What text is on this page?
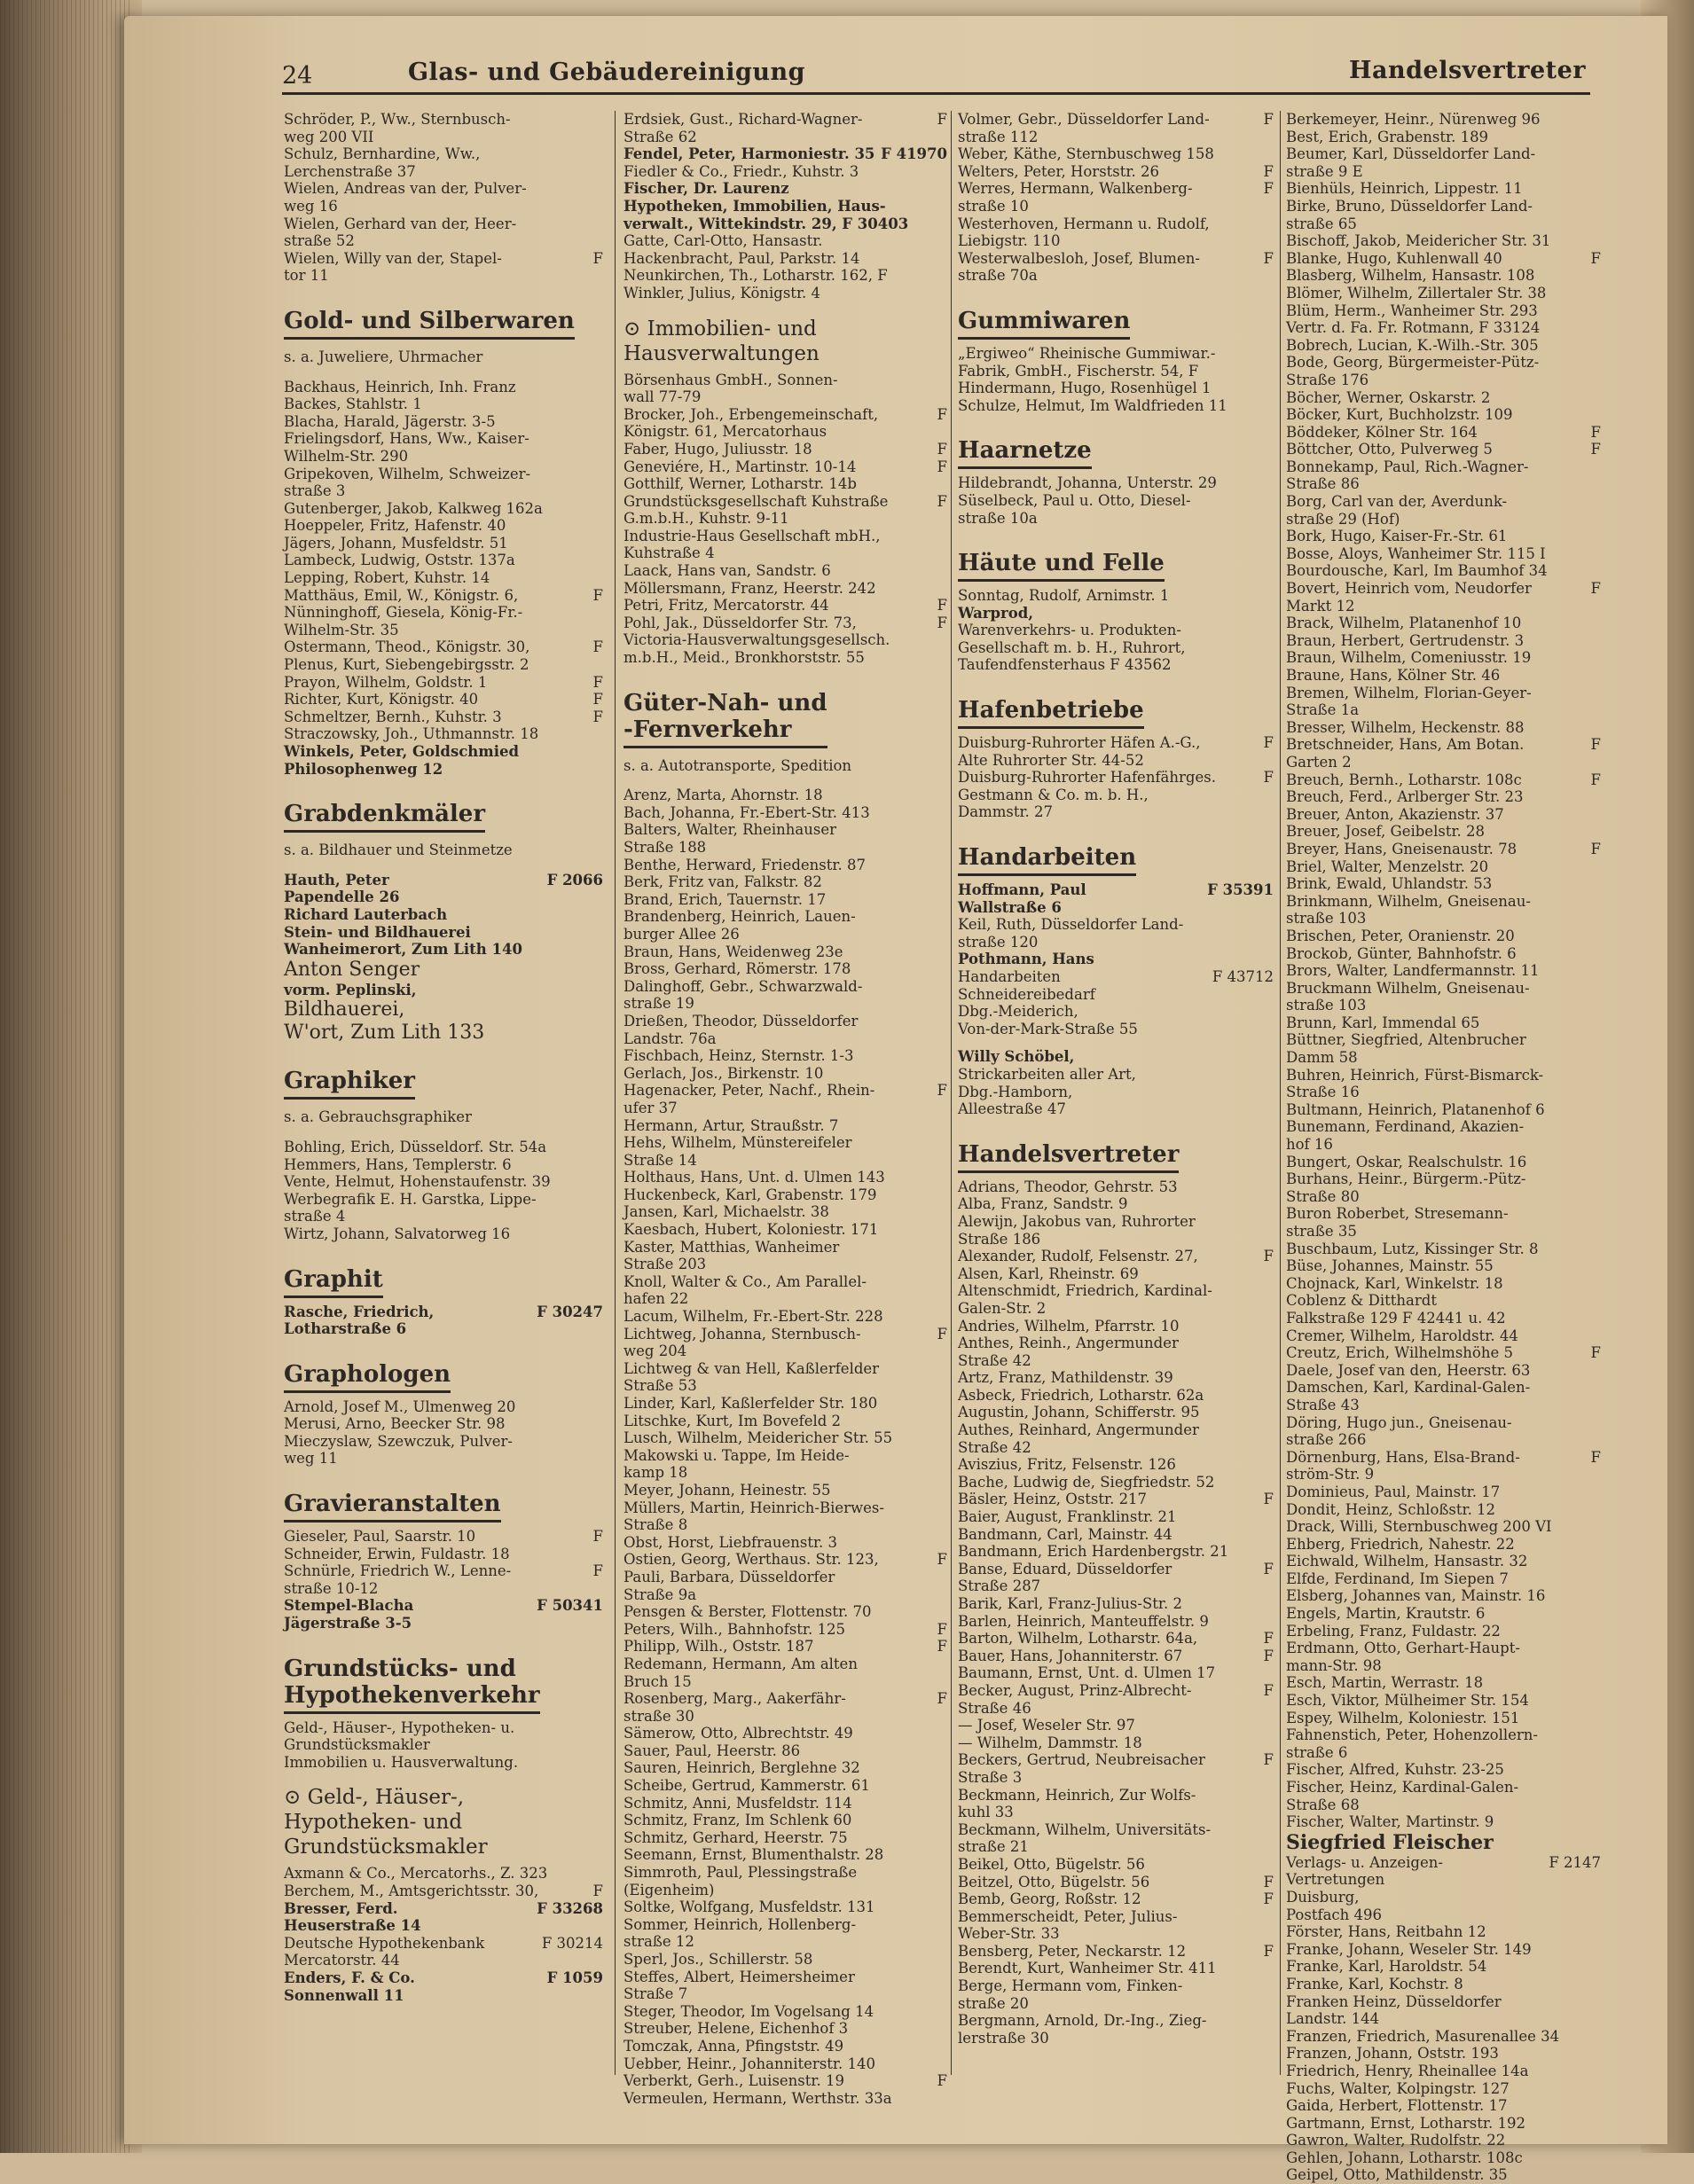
24	Glas- und Gebäudereinigung	Handelsvertreter
Schröder, P., Ww., Sternbusch-
weg 200 VII
Schulz, Bernhardine, Ww.,
Lerchenstraße 37
Wielen, Andreas van der, Pulver-
weg 16
Wielen, Gerhard van der, Heer-
straße 52
F
Wielen, Willy van der, Stapel-
tor 11
Gold- und Silberwaren
s. a. Juweliere, Uhrmacher
Backhaus, Heinrich, Inh. Franz
Backes, Stahlstr. 1
Blacha, Harald, Jägerstr. 3-5
Frielingsdorf, Hans, Ww., Kaiser-
Wilhelm-Str. 290
Gripekoven, Wilhelm, Schweizer-
straße 3
Gutenberger, Jakob, Kalkweg 162a
Hoeppeler, Fritz, Hafenstr. 40
Jägers, Johann, Musfeldstr. 51
Lambeck, Ludwig, Oststr. 137a
Lepping, Robert, Kuhstr. 14
F
Matthäus, Emil, W., Königstr. 6,
Nünninghoff, Giesela, König-Fr.-
Wilhelm-Str. 35
F
Ostermann, Theod., Königstr. 30,
Plenus, Kurt, Siebengebirgsstr. 2
F
Prayon, Wilhelm, Goldstr. 1
F
Richter, Kurt, Königstr. 40
F
Schmeltzer, Bernh., Kuhstr. 3
Straczowsky, Joh., Uthmannstr. 18
Winkels, Peter, Goldschmied
Philosophenweg 12
Grabdenkmäler
s. a. Bildhauer und Steinmetze
F 2066
Hauth, Peter
Papendelle 26
Richard Lauterbach
Stein- und Bildhauerei
Wanheimerort, Zum Lith 140
Anton Senger
vorm. Peplinski,
Bildhauerei,
W'ort, Zum Lith 133
Graphiker
s. a. Gebrauchsgraphiker
Bohling, Erich, Düsseldorf. Str. 54a
Hemmers, Hans, Templerstr. 6
Vente, Helmut, Hohenstaufenstr. 39
Werbegrafik E. H. Garstka, Lippe-
straße 4
Wirtz, Johann, Salvatorweg 16
Graphit
F 30247
Rasche, Friedrich,
Lotharstraße 6
Graphologen
Arnold, Josef M., Ulmenweg 20
Merusi, Arno, Beecker Str. 98
Mieczyslaw, Szewczuk, Pulver-
weg 11
Gravieranstalten
F
Gieseler, Paul, Saarstr. 10
Schneider, Erwin, Fuldastr. 18
F
Schnürle, Friedrich W., Lenne-
straße 10-12
F 50341
Stempel-Blacha
Jägerstraße 3-5
Grundstücks- und
Hypothekenverkehr
Geld-, Häuser-, Hypotheken- u.
Grundstücksmakler
Immobilien u. Hausverwaltung.
⊙ Geld-, Häuser-,
Hypotheken- und
Grundstücksmakler
Axmann & Co., Mercatorhs., Z. 323
F
Berchem, M., Amtsgerichtsstr. 30,
F 33268
Bresser, Ferd.
Heuserstraße 14
F 30214
Deutsche Hypothekenbank
Mercatorstr. 44
F 1059
Enders, F. & Co.
Sonnenwall 11
F
Erdsiek, Gust., Richard-Wagner-
Straße 62
F 41970
Fendel, Peter, Harmoniestr. 35

Fiedler & Co., Friedr., Kuhstr. 3
Fischer, Dr. Laurenz
Hypotheken, Immobilien, Haus-
verwalt., Wittekindstr. 29, F 30403
Gatte, Carl-Otto, Hansastr.
Hackenbracht, Paul, Parkstr. 14
Neunkirchen, Th., Lotharstr. 162, F
Winkler, Julius, Königstr. 4
⊙ Immobilien- und
Hausverwaltungen
Börsenhaus GmbH., Sonnen-
wall 77-79
F
Brocker, Joh., Erbengemeinschaft,
Königstr. 61, Mercatorhaus
F
Faber, Hugo, Juliusstr. 18
F
Geneviére, H., Martinstr. 10-14
Gotthilf, Werner, Lotharstr. 14b
F
Grundstücksgesellschaft Kuhstraße
G.m.b.H., Kuhstr. 9-11
Industrie-Haus Gesellschaft mbH.,
Kuhstraße 4
Laack, Hans van, Sandstr. 6
Möllersmann, Franz, Heerstr. 242
F
Petri, Fritz, Mercatorstr. 44
F
Pohl, Jak., Düsseldorfer Str. 73,
Victoria-Hausverwaltungsgesellsch.
m.b.H., Meid., Bronkhorststr. 55
Güter-Nah- und
-Fernverkehr
s. a. Autotransporte, Spedition
Arenz, Marta, Ahornstr. 18
Bach, Johanna, Fr.-Ebert-Str. 413
Balters, Walter, Rheinhauser
Straße 188
Benthe, Herward, Friedenstr. 87
Berk, Fritz van, Falkstr. 82
Brand, Erich, Tauernstr. 17
Brandenberg, Heinrich, Lauen-
burger Allee 26
Braun, Hans, Weidenweg 23e
Bross, Gerhard, Römerstr. 178
Dalinghoff, Gebr., Schwarzwald-
straße 19
Drießen, Theodor, Düsseldorfer
Landstr. 76a
Fischbach, Heinz, Sternstr. 1-3
Gerlach, Jos., Birkenstr. 10
F
Hagenacker, Peter, Nachf., Rhein-
ufer 37
Hermann, Artur, Straußstr. 7
Hehs, Wilhelm, Münstereifeler
Straße 14
Holthaus, Hans, Unt. d. Ulmen 143
Huckenbeck, Karl, Grabenstr. 179
Jansen, Karl, Michaelstr. 38
Kaesbach, Hubert, Koloniestr. 171
Kaster, Matthias, Wanheimer
Straße 203
Knoll, Walter & Co., Am Parallel-
hafen 22
Lacum, Wilhelm, Fr.-Ebert-Str. 228
F
Lichtweg, Johanna, Sternbusch-
weg 204
Lichtweg & van Hell, Kaßlerfelder
Straße 53
Linder, Karl, Kaßlerfelder Str. 180
Litschke, Kurt, Im Bovefeld 2
Lusch, Wilhelm, Meidericher Str. 55
Makowski u. Tappe, Im Heide-
kamp 18
Meyer, Johann, Heinestr. 55
Müllers, Martin, Heinrich-Bierwes-
Straße 8
Obst, Horst, Liebfrauenstr. 3
F
Ostien, Georg, Werthaus. Str. 123,
Pauli, Barbara, Düsseldorfer
Straße 9a
Pensgen & Berster, Flottenstr. 70
F
Peters, Wilh., Bahnhofstr. 125
F
Philipp, Wilh., Oststr. 187
Redemann, Hermann, Am alten
Bruch 15
F
Rosenberg, Marg., Aakerfähr-
straße 30
Sämerow, Otto, Albrechtstr. 49
Sauer, Paul, Heerstr. 86
Sauren, Heinrich, Berglehne 32
Scheibe, Gertrud, Kammerstr. 61
Schmitz, Anni, Musfeldstr. 114
Schmitz, Franz, Im Schlenk 60
Schmitz, Gerhard, Heerstr. 75
Seemann, Ernst, Blumenthalstr. 28
Simmroth, Paul, Plessingstraße
(Eigenheim)
Soltke, Wolfgang, Musfeldstr. 131
Sommer, Heinrich, Hollenberg-
straße 12
Sperl, Jos., Schillerstr. 58
Steffes, Albert, Heimersheimer
Straße 7
Steger, Theodor, Im Vogelsang 14
Streuber, Helene, Eichenhof 3
Tomczak, Anna, Pfingststr. 49
Uebber, Heinr., Johanniterstr. 140
F
Verberkt, Gerh., Luisenstr. 19
Vermeulen, Hermann, Werthstr. 33a
F
Volmer, Gebr., Düsseldorfer Land-
straße 112
Weber, Käthe, Sternbuschweg 158
F
Welters, Peter, Horststr. 26
F
Werres, Hermann, Walkenberg-
straße 10
Westerhoven, Hermann u. Rudolf,
Liebigstr. 110
F
Westerwalbesloh, Josef, Blumen-
straße 70a
Gummiwaren
„Ergiweo“ Rheinische Gummiwar.-
Fabrik, GmbH., Fischerstr. 54, F
Hindermann, Hugo, Rosenhügel 1
Schulze, Helmut, Im Waldfrieden 11
Haarnetze
Hildebrandt, Johanna, Unterstr. 29
Süselbeck, Paul u. Otto, Diesel-
straße 10a
Häute und Felle
Sonntag, Rudolf, Arnimstr. 1
Warprod,
Warenverkehrs- u. Produkten-
Gesellschaft m. b. H., Ruhrort,
Taufendfensterhaus F 43562
Hafenbetriebe
F
Duisburg-Ruhrorter Häfen A.-G.,
Alte Ruhrorter Str. 44-52
F
Duisburg-Ruhrorter Hafenfährges.
Gestmann & Co. m. b. H.,
Dammstr. 27
Handarbeiten
F 35391
Hoffmann, Paul
Wallstraße 6
Keil, Ruth, Düsseldorfer Land-
straße 120
Pothmann, Hans
F 43712
Handarbeiten
Schneidereibedarf
Dbg.-Meiderich,
Von-der-Mark-Straße 55
Willy Schöbel,
Strickarbeiten aller Art,
Dbg.-Hamborn,
Alleestraße 47
Handelsvertreter
Adrians, Theodor, Gehrstr. 53
Alba, Franz, Sandstr. 9
Alewijn, Jakobus van, Ruhrorter
Straße 186
F
Alexander, Rudolf, Felsenstr. 27,
Alsen, Karl, Rheinstr. 69
Altenschmidt, Friedrich, Kardinal-
Galen-Str. 2
Andries, Wilhelm, Pfarrstr. 10
Anthes, Reinh., Angermunder
Straße 42
Artz, Franz, Mathildenstr. 39
Asbeck, Friedrich, Lotharstr. 62a
Augustin, Johann, Schifferstr. 95
Authes, Reinhard, Angermunder
Straße 42
Aviszius, Fritz, Felsenstr. 126
Bache, Ludwig de, Siegfriedstr. 52
F
Bäsler, Heinz, Oststr. 217
Baier, August, Franklinstr. 21
Bandmann, Carl, Mainstr. 44
Bandmann, Erich Hardenbergstr. 21
F
Banse, Eduard, Düsseldorfer
Straße 287
Barik, Karl, Franz-Julius-Str. 2
Barlen, Heinrich, Manteuffelstr. 9
F
Barton, Wilhelm, Lotharstr. 64a,
F
Bauer, Hans, Johanniterstr. 67
Baumann, Ernst, Unt. d. Ulmen 17
F
Becker, August, Prinz-Albrecht-
Straße 46
— Josef, Weseler Str. 97
— Wilhelm, Dammstr. 18
F
Beckers, Gertrud, Neubreisacher
Straße 3
Beckmann, Heinrich, Zur Wolfs-
kuhl 33
Beckmann, Wilhelm, Universitäts-
straße 21
Beikel, Otto, Bügelstr. 56
F
Beitzel, Otto, Bügelstr. 56
F
Bemb, Georg, Roßstr. 12
Bemmerscheidt, Peter, Julius-
Weber-Str. 33
F
Bensberg, Peter, Neckarstr. 12
Berendt, Kurt, Wanheimer Str. 411
Berge, Hermann vom, Finken-
straße 20
Bergmann, Arnold, Dr.-Ing., Zieg-
lerstraße 30
Berkemeyer, Heinr., Nürenweg 96
Best, Erich, Grabenstr. 189
Beumer, Karl, Düsseldorfer Land-
straße 9 E
Bienhüls, Heinrich, Lippestr. 11
Birke, Bruno, Düsseldorfer Land-
straße 65
Bischoff, Jakob, Meidericher Str. 31
F
Blanke, Hugo, Kuhlenwall 40
Blasberg, Wilhelm, Hansastr. 108
Blömer, Wilhelm, Zillertaler Str. 38
Blüm, Herm., Wanheimer Str. 293
Vertr. d. Fa. Fr. Rotmann, F 33124
Bobrech, Lucian, K.-Wilh.-Str. 305
Bode, Georg, Bürgermeister-Pütz-
Straße 176
Böcher, Werner, Oskarstr. 2
Böcker, Kurt, Buchholzstr. 109
F
Böddeker, Kölner Str. 164
F
Böttcher, Otto, Pulverweg 5
Bonnekamp, Paul, Rich.-Wagner-
Straße 86
Borg, Carl van der, Averdunk-
straße 29 (Hof)
Bork, Hugo, Kaiser-Fr.-Str. 61
Bosse, Aloys, Wanheimer Str. 115 I
Bourdousche, Karl, Im Baumhof 34
F
Bovert, Heinrich vom, Neudorfer
Markt 12
Brack, Wilhelm, Platanenhof 10
Braun, Herbert, Gertrudenstr. 3
Braun, Wilhelm, Comeniusstr. 19
Braune, Hans, Kölner Str. 46
Bremen, Wilhelm, Florian-Geyer-
Straße 1a
Bresser, Wilhelm, Heckenstr. 88
F
Bretschneider, Hans, Am Botan.
Garten 2
F
Breuch, Bernh., Lotharstr. 108c
Breuch, Ferd., Arlberger Str. 23
Breuer, Anton, Akazienstr. 37
Breuer, Josef, Geibelstr. 28
F
Breyer, Hans, Gneisenaustr. 78
Briel, Walter, Menzelstr. 20
Brink, Ewald, Uhlandstr. 53
Brinkmann, Wilhelm, Gneisenau-
straße 103
Brischen, Peter, Oranienstr. 20
Brockob, Günter, Bahnhofstr. 6
Brors, Walter, Landfermannstr. 11
Bruckmann Wilhelm, Gneisenau-
straße 103
Brunn, Karl, Immendal 65
Büttner, Siegfried, Altenbrucher
Damm 58
Buhren, Heinrich, Fürst-Bismarck-
Straße 16
Bultmann, Heinrich, Platanenhof 6
Bunemann, Ferdinand, Akazien-
hof 16
Bungert, Oskar, Realschulstr. 16
Burhans, Heinr., Bürgerm.-Pütz-
Straße 80
Buron Roberbet, Stresemann-
straße 35
Buschbaum, Lutz, Kissinger Str. 8
Büse, Johannes, Mainstr. 55
Chojnack, Karl, Winkelstr. 18
Coblenz & Ditthardt
Falkstraße 129 F 42441 u. 42
Cremer, Wilhelm, Haroldstr. 44
F
Creutz, Erich, Wilhelmshöhe 5
Daele, Josef van den, Heerstr. 63
Damschen, Karl, Kardinal-Galen-
Straße 43
Döring, Hugo jun., Gneisenau-
straße 266
F
Dörnenburg, Hans, Elsa-Brand-
ström-Str. 9
Dominieus, Paul, Mainstr. 17
Dondit, Heinz, Schloßstr. 12
Drack, Willi, Sternbuschweg 200 VI
Ehberg, Friedrich, Nahestr. 22
Eichwald, Wilhelm, Hansastr. 32
Elfde, Ferdinand, Im Siepen 7
Elsberg, Johannes van, Mainstr. 16
Engels, Martin, Krautstr. 6
Erbeling, Franz, Fuldastr. 22
Erdmann, Otto, Gerhart-Haupt-
mann-Str. 98
Esch, Martin, Werrastr. 18
Esch, Viktor, Mülheimer Str. 154
Espey, Wilhelm, Koloniestr. 151
Fahnenstich, Peter, Hohenzollern-
straße 6
Fischer, Alfred, Kuhstr. 23-25
Fischer, Heinz, Kardinal-Galen-
Straße 68
Fischer, Walter, Martinstr. 9
Siegfried Fleischer
F 2147
Verlags- u. Anzeigen-
Vertretungen
Duisburg,
Postfach 496
Förster, Hans, Reitbahn 12
Franke, Johann, Weseler Str. 149
Franke, Karl, Haroldstr. 54
Franke, Karl, Kochstr. 8
Franken Heinz, Düsseldorfer
Landstr. 144
Franzen, Friedrich, Masurenallee 34
Franzen, Johann, Oststr. 193
Friedrich, Henry, Rheinallee 14a
Fuchs, Walter, Kolpingstr. 127
Gaida, Herbert, Flottenstr. 17
Gartmann, Ernst, Lotharstr. 192
Gawron, Walter, Rudolfstr. 22
Gehlen, Johann, Lotharstr. 108c
Geipel, Otto, Mathildenstr. 35
